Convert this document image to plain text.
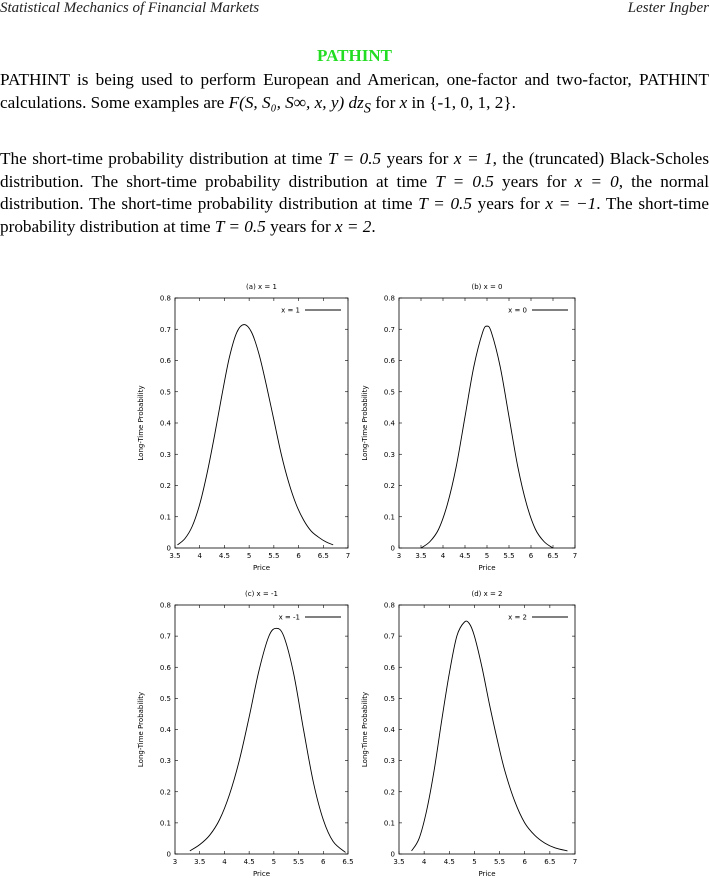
Statistical Mechanics of Financial Markets	Lester Ingber
PATHINT
PATHINT is being used to perform European and American, one-factor and two-factor, PATHINT calculations. Some examples are F(S, S₀, S∞, x, y) $dz_S$ for x in {-1, 0, 1, 2}.
The short-time probability distribution at time T = 0.5 years for x = 1, the (truncated) Black-Scholes distribution. The short-time probability distribution at time T = 0.5 years for x = 0, the normal distribution. The short-time probability distribution at time T = 0.5 years for x = −1. The short-time probability distribution at time T = 0.5 years for x = 2.
(a) x = 1
3.5 4 4.5 5 5.5 6 6.5 7
0
0.1
0.2
0.3
0.4
0.5
0.6
0.7
0.8
Price
Long-Time Probability
x = 1
(b) x = 0
3 3.5 4 4.5 5 5.5 6 6.5 7
0
0.1
0.2
0.3
0.4
0.5
0.6
0.7
0.8
Price
Long-Time Probability
x = 0
(c) x = -1
3 3.5 4 4.5 5 5.5 6 6.5
0
0.1
0.2
0.3
0.4
0.5
0.6
0.7
0.8
Price
Long-Time Probability
x = -1
(d) x = 2
3.5 4 4.5 5 5.5 6 6.5 7
0
0.1
0.2
0.3
0.4
0.5
0.6
0.7
0.8
Price
Long-Time Probability
x = 2
